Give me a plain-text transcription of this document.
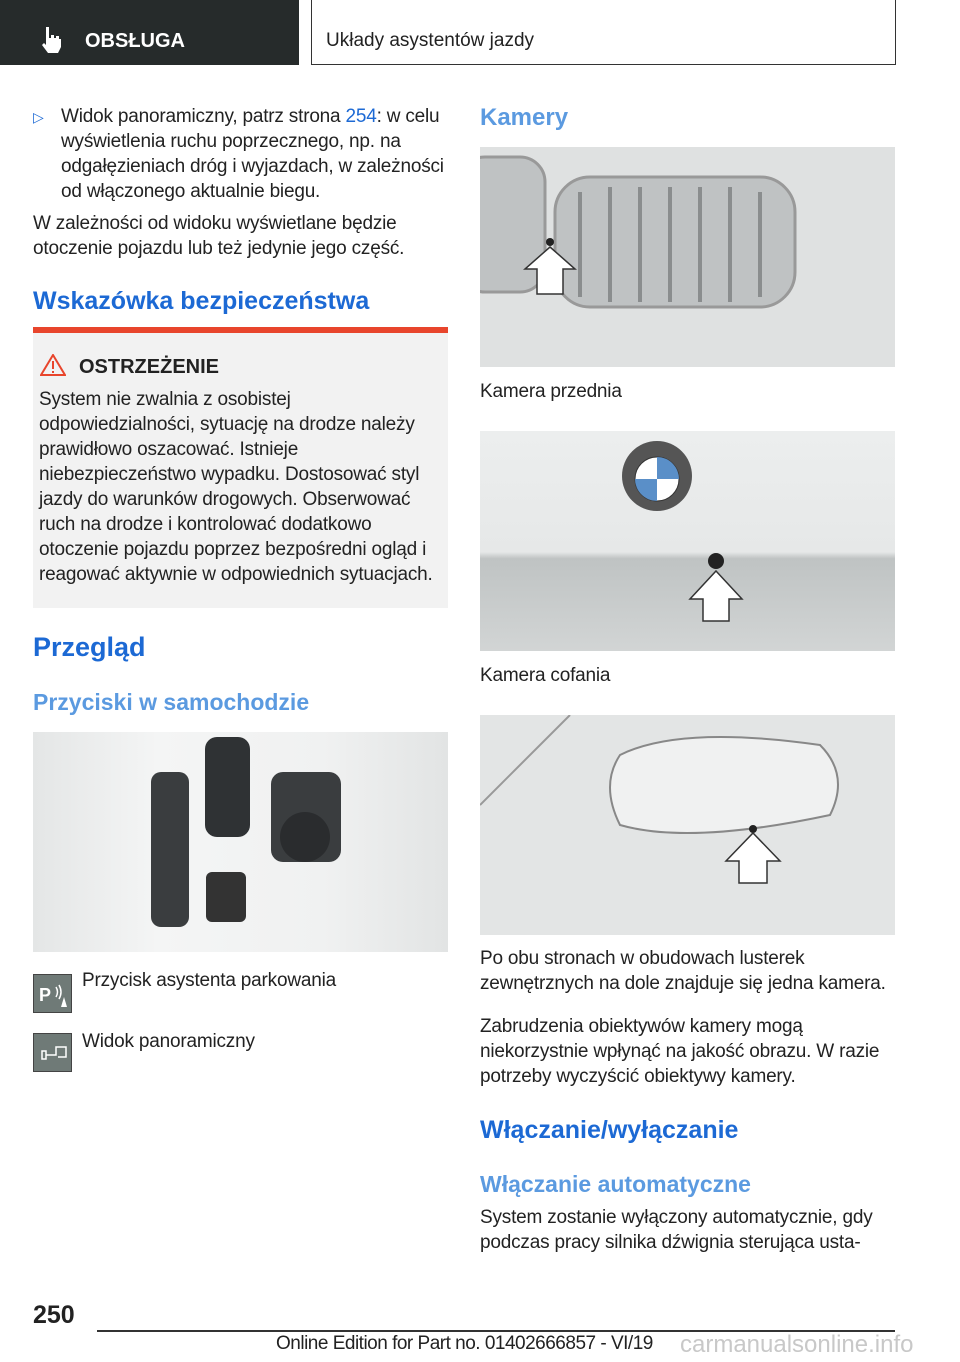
OBSŁUGA	Układy asystentów jazdy
▷ Widok panoramiczny, patrz strona 254: w celu wyświetlenia ruchu poprzecznego, np. na odgałęzieniach dróg i wyjazdach, w zależności od włączonego aktualnie biegu.
W zależności od widoku wyświetlane będzie otoczenie pojazdu lub też jedynie jego część.
Wskazówka bezpieczeństwa
OSTRZEŻENIE
System nie zwalnia z osobistej odpowiedzialności, sytuację na drodze należy prawidłowo oszacować. Istnieje niebezpieczeństwo wypadku. Dostosować styl jazdy do warunków drogowych. Obserwować ruch na drodze i kontrolować dodatkowo otoczenie pojazdu poprzez bezpośredni ogląd i reagować aktywnie w odpowiednich sytuacjach.
Przegląd
Przyciski w samochodzie
P
Przycisk asystenta parkowania
Widok panoramiczny
Kamery
Kamera przednia
Kamera cofania
Po obu stronach w obudowach lusterek zewnętrznych na dole znajduje się jedna kamera.
Zabrudzenia obiektywów kamery mogą niekorzystnie wpłynąć na jakość obrazu. W razie potrzeby wyczyścić obiektywy kamery.
Włączanie/wyłączanie
Włączanie automatyczne
System zostanie wyłączony automatycznie, gdy podczas pracy silnika dźwignia sterująca usta-
250
Online Edition for Part no. 01402666857 - VI/19 carmanualsonline.info
